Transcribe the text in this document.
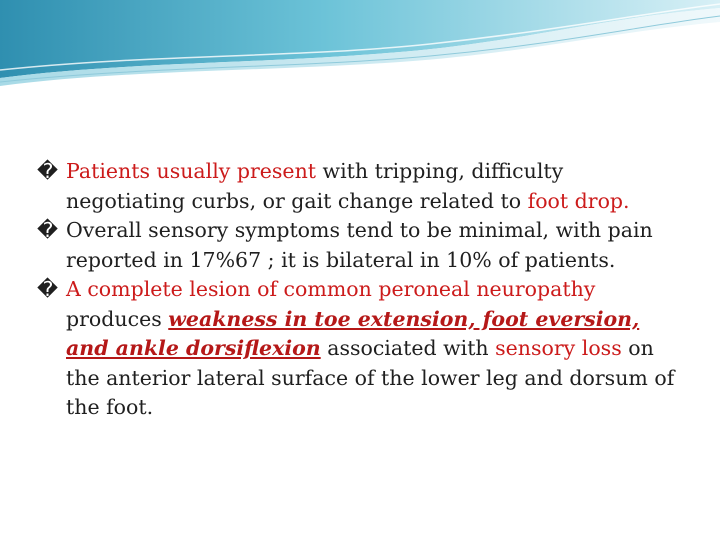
� Patients usually present with tripping, difficulty negotiating curbs, or gait change related to foot drop.

� Overall sensory symptoms tend to be minimal, with pain reported in 17%67 ; it is bilateral in 10% of patients.

� A complete lesion of common peroneal neuropathy produces weakness in toe extension, foot eversion, and ankle dorsiflexion associated with sensory loss on the anterior lateral surface of the lower leg and dorsum of the foot.
